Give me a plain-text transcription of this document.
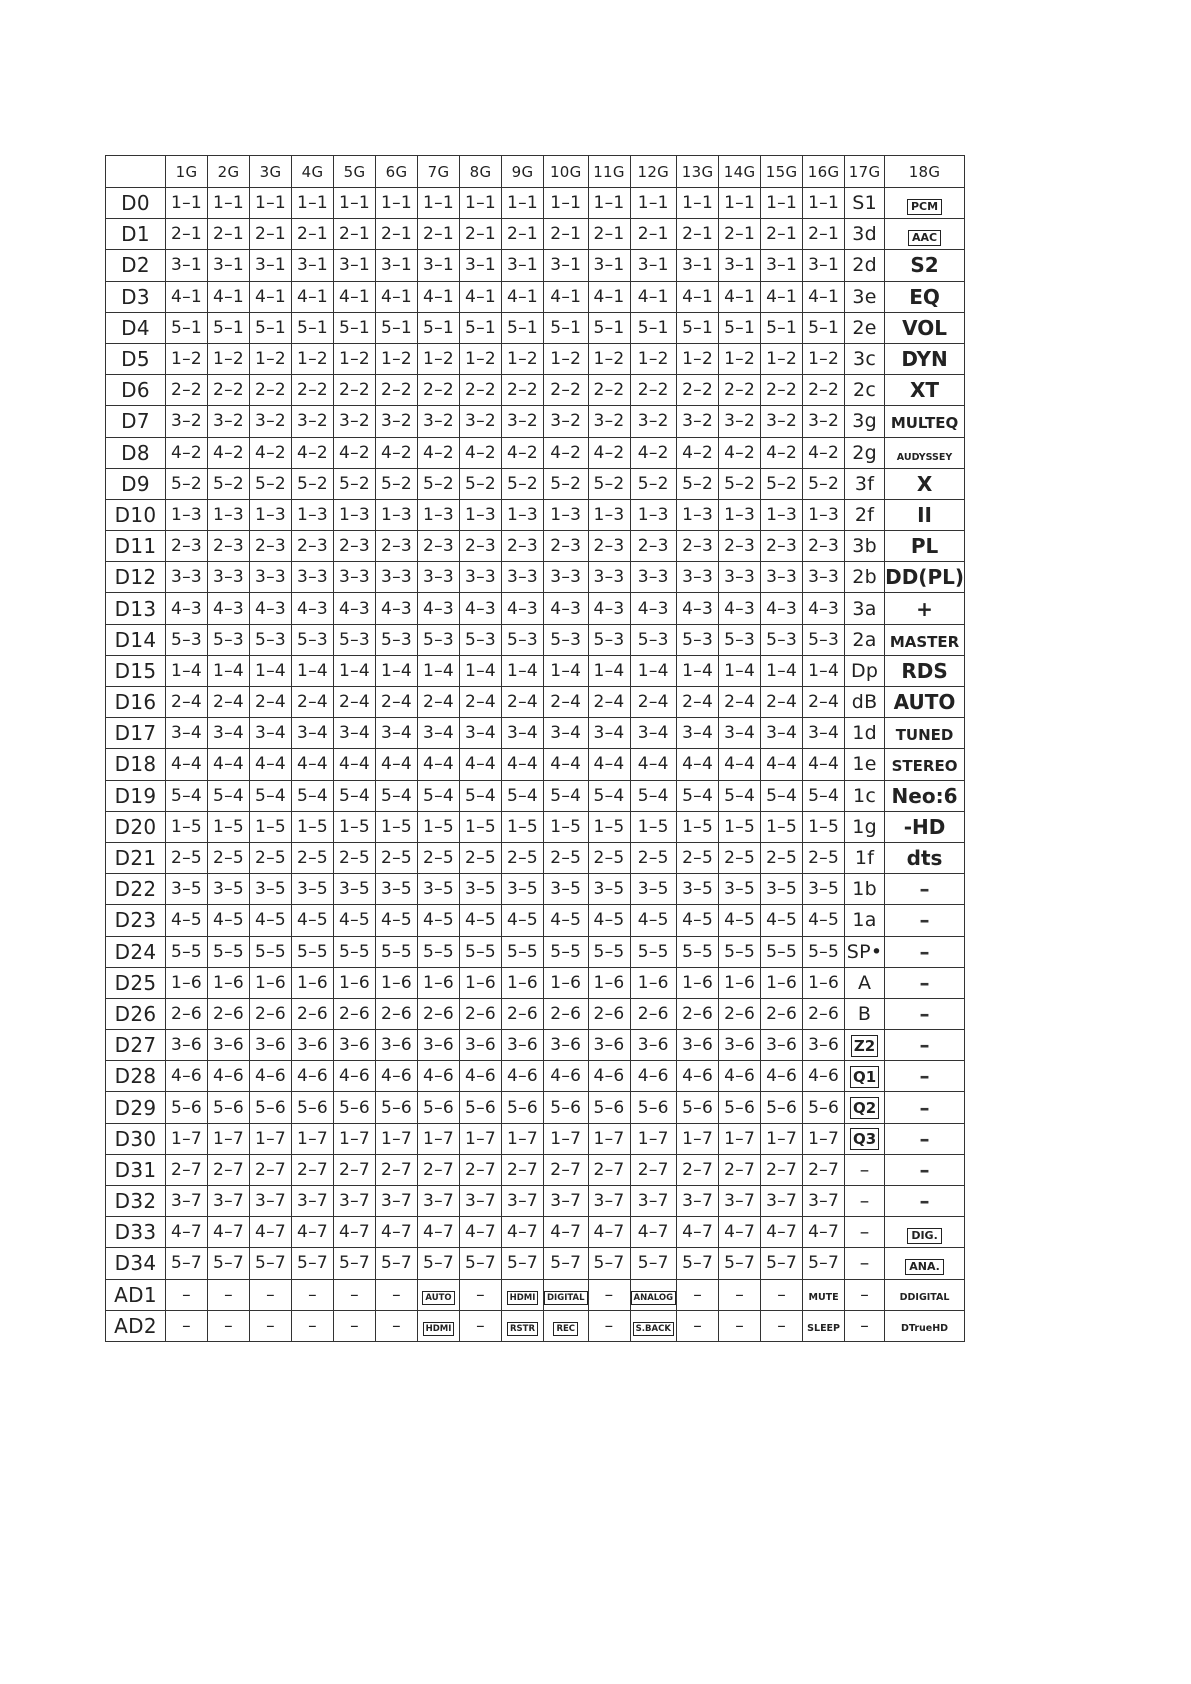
	1G	2G	3G	4G	5G	6G	7G	8G	9G	10G	11G	12G	13G	14G	15G	16G	17G	18G
D0	1–1	1–1	1–1	1–1	1–1	1–1	1–1	1–1	1–1	1–1	1–1	1–1	1–1	1–1	1–1	1–1	S1	PCM
D1	2–1	2–1	2–1	2–1	2–1	2–1	2–1	2–1	2–1	2–1	2–1	2–1	2–1	2–1	2–1	2–1	3d	AAC
D2	3–1	3–1	3–1	3–1	3–1	3–1	3–1	3–1	3–1	3–1	3–1	3–1	3–1	3–1	3–1	3–1	2d	S2
D3	4–1	4–1	4–1	4–1	4–1	4–1	4–1	4–1	4–1	4–1	4–1	4–1	4–1	4–1	4–1	4–1	3e	EQ
D4	5–1	5–1	5–1	5–1	5–1	5–1	5–1	5–1	5–1	5–1	5–1	5–1	5–1	5–1	5–1	5–1	2e	VOL
D5	1–2	1–2	1–2	1–2	1–2	1–2	1–2	1–2	1–2	1–2	1–2	1–2	1–2	1–2	1–2	1–2	3c	DYN
D6	2–2	2–2	2–2	2–2	2–2	2–2	2–2	2–2	2–2	2–2	2–2	2–2	2–2	2–2	2–2	2–2	2c	XT
D7	3–2	3–2	3–2	3–2	3–2	3–2	3–2	3–2	3–2	3–2	3–2	3–2	3–2	3–2	3–2	3–2	3g	MULTEQ
D8	4–2	4–2	4–2	4–2	4–2	4–2	4–2	4–2	4–2	4–2	4–2	4–2	4–2	4–2	4–2	4–2	2g	AUDYSSEY
D9	5–2	5–2	5–2	5–2	5–2	5–2	5–2	5–2	5–2	5–2	5–2	5–2	5–2	5–2	5–2	5–2	3f	X
D10	1–3	1–3	1–3	1–3	1–3	1–3	1–3	1–3	1–3	1–3	1–3	1–3	1–3	1–3	1–3	1–3	2f	II
D11	2–3	2–3	2–3	2–3	2–3	2–3	2–3	2–3	2–3	2–3	2–3	2–3	2–3	2–3	2–3	2–3	3b	PL
D12	3–3	3–3	3–3	3–3	3–3	3–3	3–3	3–3	3–3	3–3	3–3	3–3	3–3	3–3	3–3	3–3	2b	DD(PL)
D13	4–3	4–3	4–3	4–3	4–3	4–3	4–3	4–3	4–3	4–3	4–3	4–3	4–3	4–3	4–3	4–3	3a	+
D14	5–3	5–3	5–3	5–3	5–3	5–3	5–3	5–3	5–3	5–3	5–3	5–3	5–3	5–3	5–3	5–3	2a	MASTER
D15	1–4	1–4	1–4	1–4	1–4	1–4	1–4	1–4	1–4	1–4	1–4	1–4	1–4	1–4	1–4	1–4	Dp	RDS
D16	2–4	2–4	2–4	2–4	2–4	2–4	2–4	2–4	2–4	2–4	2–4	2–4	2–4	2–4	2–4	2–4	dB	AUTO
D17	3–4	3–4	3–4	3–4	3–4	3–4	3–4	3–4	3–4	3–4	3–4	3–4	3–4	3–4	3–4	3–4	1d	TUNED
D18	4–4	4–4	4–4	4–4	4–4	4–4	4–4	4–4	4–4	4–4	4–4	4–4	4–4	4–4	4–4	4–4	1e	STEREO
D19	5–4	5–4	5–4	5–4	5–4	5–4	5–4	5–4	5–4	5–4	5–4	5–4	5–4	5–4	5–4	5–4	1c	Neo:6
D20	1–5	1–5	1–5	1–5	1–5	1–5	1–5	1–5	1–5	1–5	1–5	1–5	1–5	1–5	1–5	1–5	1g	-HD
D21	2–5	2–5	2–5	2–5	2–5	2–5	2–5	2–5	2–5	2–5	2–5	2–5	2–5	2–5	2–5	2–5	1f	dts
D22	3–5	3–5	3–5	3–5	3–5	3–5	3–5	3–5	3–5	3–5	3–5	3–5	3–5	3–5	3–5	3–5	1b	–
D23	4–5	4–5	4–5	4–5	4–5	4–5	4–5	4–5	4–5	4–5	4–5	4–5	4–5	4–5	4–5	4–5	1a	–
D24	5–5	5–5	5–5	5–5	5–5	5–5	5–5	5–5	5–5	5–5	5–5	5–5	5–5	5–5	5–5	5–5	SP•	–
D25	1–6	1–6	1–6	1–6	1–6	1–6	1–6	1–6	1–6	1–6	1–6	1–6	1–6	1–6	1–6	1–6	A	–
D26	2–6	2–6	2–6	2–6	2–6	2–6	2–6	2–6	2–6	2–6	2–6	2–6	2–6	2–6	2–6	2–6	B	–
D27	3–6	3–6	3–6	3–6	3–6	3–6	3–6	3–6	3–6	3–6	3–6	3–6	3–6	3–6	3–6	3–6	Z2	–
D28	4–6	4–6	4–6	4–6	4–6	4–6	4–6	4–6	4–6	4–6	4–6	4–6	4–6	4–6	4–6	4–6	Q1	–
D29	5–6	5–6	5–6	5–6	5–6	5–6	5–6	5–6	5–6	5–6	5–6	5–6	5–6	5–6	5–6	5–6	Q2	–
D30	1–7	1–7	1–7	1–7	1–7	1–7	1–7	1–7	1–7	1–7	1–7	1–7	1–7	1–7	1–7	1–7	Q3	–
D31	2–7	2–7	2–7	2–7	2–7	2–7	2–7	2–7	2–7	2–7	2–7	2–7	2–7	2–7	2–7	2–7	–	–
D32	3–7	3–7	3–7	3–7	3–7	3–7	3–7	3–7	3–7	3–7	3–7	3–7	3–7	3–7	3–7	3–7	–	–
D33	4–7	4–7	4–7	4–7	4–7	4–7	4–7	4–7	4–7	4–7	4–7	4–7	4–7	4–7	4–7	4–7	–	DIG.
D34	5–7	5–7	5–7	5–7	5–7	5–7	5–7	5–7	5–7	5–7	5–7	5–7	5–7	5–7	5–7	5–7	–	ANA.
AD1	–	–	–	–	–	–	AUTO	–	HDMI	DIGITAL	–	ANALOG	–	–	–	MUTE	–	DDIGITAL
AD2	–	–	–	–	–	–	HDMI	–	RSTR	REC	–	S.BACK	–	–	–	SLEEP	–	DTrueHD
